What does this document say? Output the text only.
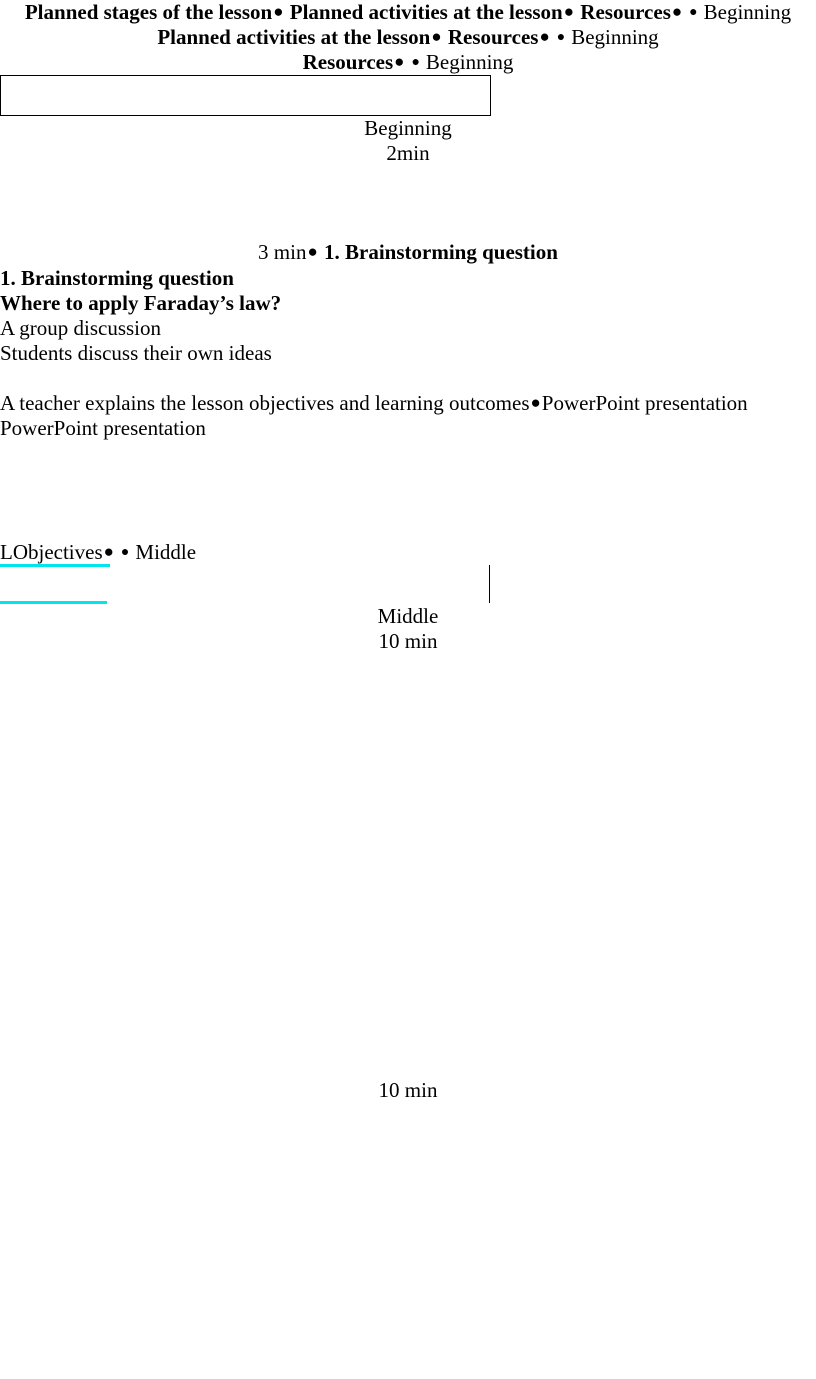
Planned stages of the lesson● Planned activities at the lesson● Resources● ● Beginning
Planned activities at the lesson● Resources● ● Beginning
Resources● ● Beginning
Beginning
2min
3 min● 1. Brainstorming question
1. Brainstorming question
Where to apply Faraday’s law?
A group discussion
Students discuss their own ideas
A teacher explains the lesson objectives and learning outcomes●PowerPoint presentation
PowerPoint presentation
LObjectives● ● Middle
Middle
10 min
10 min
